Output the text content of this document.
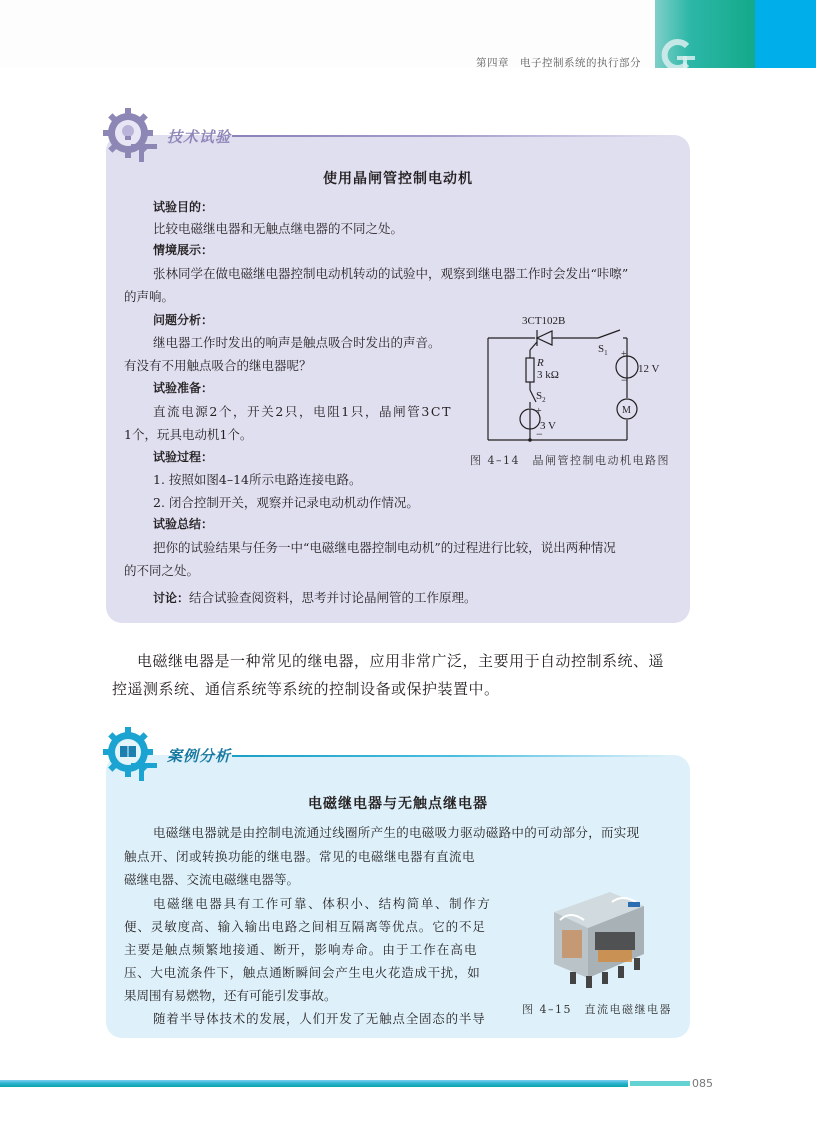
第四章　电子控制系统的执行部分
技术试验
使用晶闸管控制电动机
试验目的：
比较电磁继电器和无触点继电器的不同之处。
情境展示：
张林同学在做电磁继电器控制电动机转动的试验中，观察到继电器工作时会发出“咔嚓”
的声响。
问题分析：
继电器工作时发出的响声是触点吸合时发出的声音。
有没有不用触点吸合的继电器呢？
试验准备：
直流电源2个，开关2只，电阻1只，晶闸管3CT
1个，玩具电动机1个。
试验过程：
1. 按照如图4–14所示电路连接电路。
2. 闭合控制开关，观察并记录电动机动作情况。
试验总结：
把你的试验结果与任务一中“电磁继电器控制电动机”的过程进行比较，说出两种情况
的不同之处。
讨论：结合试验查阅资料，思考并讨论晶闸管的工作原理。
3CT102B
$S_1$
R
3 kΩ
$S_2$
+
3 V
−
+
12 V
−
M
图 4–14　晶闸管控制电动机电路图
电磁继电器是一种常见的继电器，应用非常广泛，主要用于自动控制系统、遥
控遥测系统、通信系统等系统的控制设备或保护装置中。
案例分析
电磁继电器与无触点继电器
电磁继电器就是由控制电流通过线圈所产生的电磁吸力驱动磁路中的可动部分，而实现
触点开、闭或转换功能的继电器。常见的电磁继电器有直流电
磁继电器、交流电磁继电器等。
电磁继电器具有工作可靠、体积小、结构简单、制作方
便、灵敏度高、输入输出电路之间相互隔离等优点。它的不足
主要是触点频繁地接通、断开，影响寿命。由于工作在高电
压、大电流条件下，触点通断瞬间会产生电火花造成干扰，如
果周围有易燃物，还有可能引发事故。
随着半导体技术的发展，人们开发了无触点全固态的半导
图 4–15　直流电磁继电器
085
